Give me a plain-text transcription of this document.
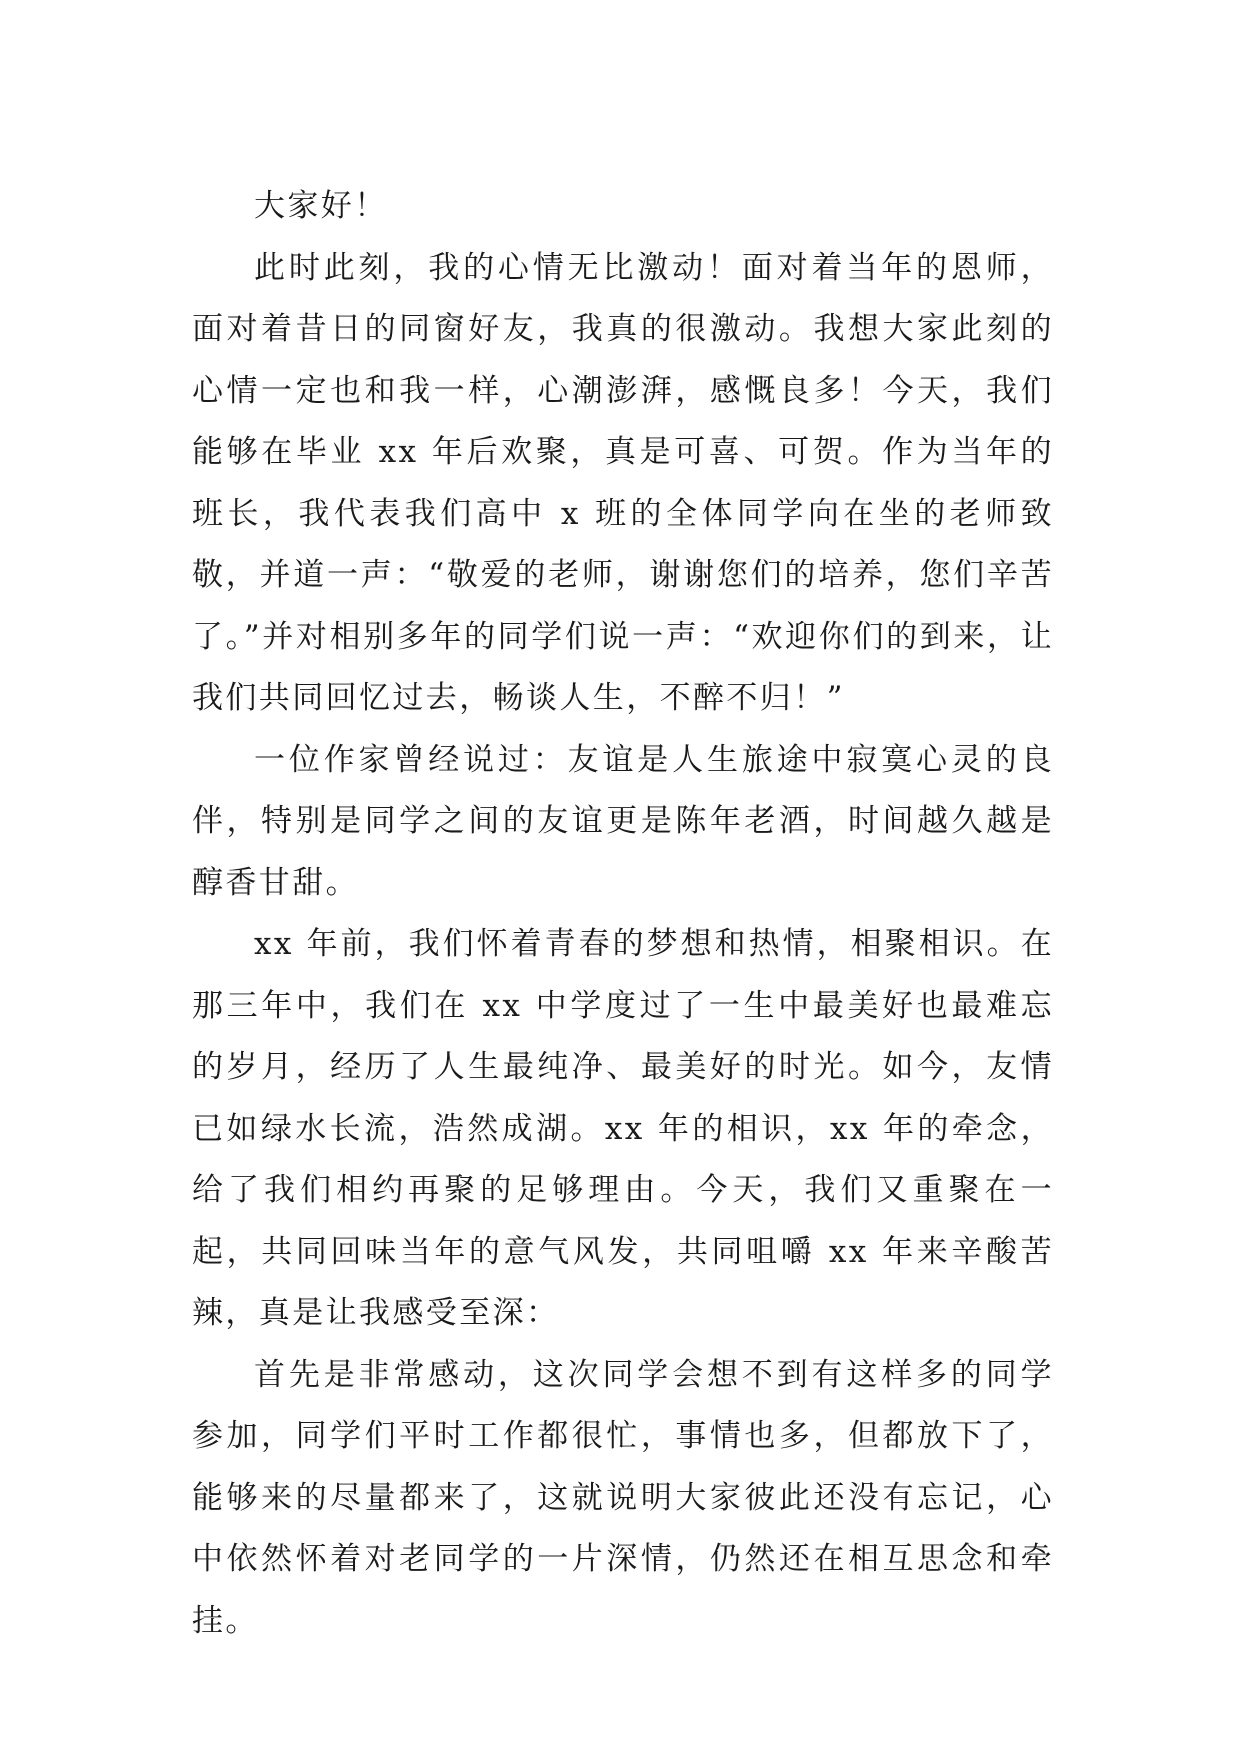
大家好！

此时此刻，我的心情无比激动！面对着当年的恩师，面对着昔日的同窗好友，我真的很激动。我想大家此刻的心情一定也和我一样，心潮澎湃，感慨良多！今天，我们能够在毕业 xx 年后欢聚，真是可喜、可贺。作为当年的班长，我代表我们高中 x 班的全体同学向在坐的老师致敬，并道一声：“敬爱的老师，谢谢您们的培养，您们辛苦了。”并对相别多年的同学们说一声：“欢迎你们的到来，让我们共同回忆过去，畅谈人生，不醉不归！”

一位作家曾经说过：友谊是人生旅途中寂寞心灵的良伴，特别是同学之间的友谊更是陈年老酒，时间越久越是醇香甘甜。

xx 年前，我们怀着青春的梦想和热情，相聚相识。在那三年中，我们在 xx 中学度过了一生中最美好也最难忘的岁月，经历了人生最纯净、最美好的时光。如今，友情已如绿水长流，浩然成湖。xx 年的相识，xx 年的牵念，给了我们相约再聚的足够理由。今天，我们又重聚在一起，共同回味当年的意气风发，共同咀嚼 xx 年来辛酸苦辣，真是让我感受至深：

首先是非常感动，这次同学会想不到有这样多的同学参加，同学们平时工作都很忙，事情也多，但都放下了，能够来的尽量都来了，这就说明大家彼此还没有忘记，心中依然怀着对老同学的一片深情，仍然还在相互思念和牵挂。
